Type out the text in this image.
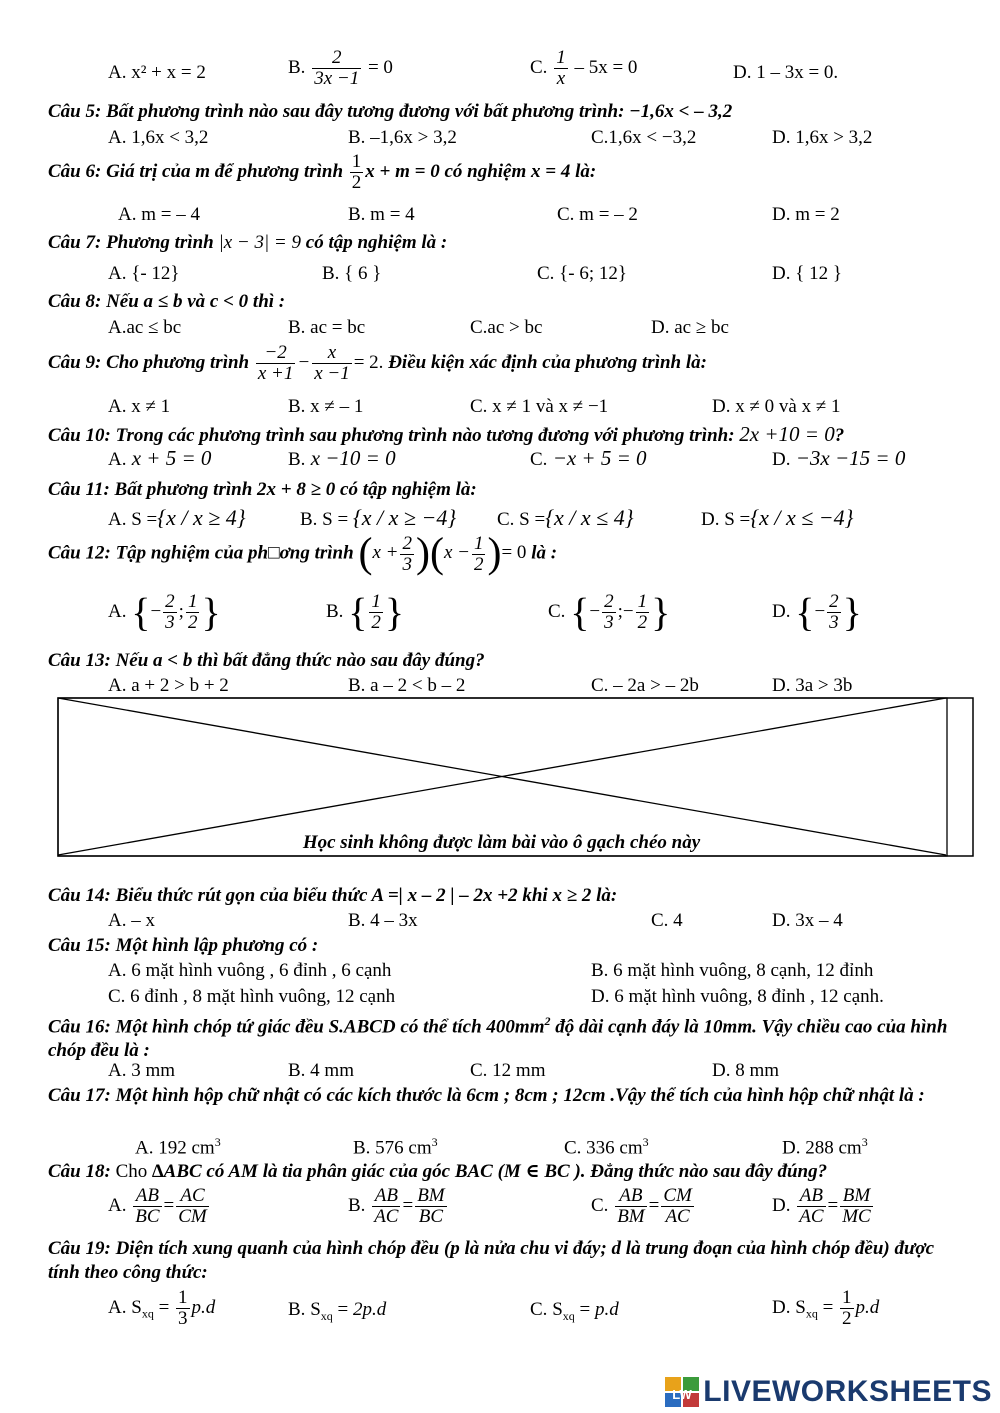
A. x² + x = 2	B. $\frac{2}{3x -1} = 0$	C. $\frac{1}{x} - 5x = 0$	D. 1 – 3x = 0.
Câu 5: Bất phương trình nào sau đây tương đương với bất phương trình: −1,6x < – 3,2
A. 1,6x < 3,2	B. –1,6x > 3,2	C.1,6x < −3,2	D. 1,6x > 3,2
Câu 6: Giá trị của m để phương trình $\frac{1}{2}$ x + m = 0 có nghiệm x = 4 là:
A. m = – 4	B. m = 4	C. m = – 2	D. m = 2
Câu 7: Phương trình |x − 3| = 9 có tập nghiệm là :
A. {- 12}	B. { 6 }	C. {- 6; 12}	D. { 12 }
Câu 8: Nếu a ≤ b và c < 0 thì :
A.ac ≤ bc	B. ac = bc	C.ac > bc	D. ac ≥ bc
Câu 9: Cho phương trình $\frac{-2}{x +1} - \frac{x}{x -1} = 2$. Điều kiện xác định của phương trình là:
A. x ≠ 1	B. x ≠ – 1	C. x ≠ 1 và x ≠ −1	D. x ≠ 0 và x ≠ 1
Câu 10: Trong các phương trình sau phương trình nào tương đương với phương trình: 2x +10 = 0?
A. x + 5 = 0	B. x −10 = 0	C. −x + 5 = 0	D. −3x −15 = 0
Câu 11: Bất phương trình 2x + 8 ≥ 0 có tập nghiệm là:
A. S ={x / x ≥ 4}	B. S = {x / x ≥ −4} C. S ={x / x ≤ 4}	D. S ={x / x ≤ −4}
Câu 12: Tập nghiệm của ph□ơng trình $(x + \frac{2}{3} )(x - \frac{1}{2}$ )= 0 là :
A. {− $\frac{2}{3}$ ; $\frac{1}{2}$ }	B. { $\frac{1}{2}$ }	C. {− $\frac{2}{3}$ ;− $\frac{1}{2}$ }	D. {− $\frac{2}{3}$ }
Câu 13: Nếu a < b thì bất đẳng thức nào sau đây đúng?
A. a + 2 > b + 2	B. a – 2 < b – 2	C. – 2a > – 2b	D. 3a > 3b
Học sinh không được làm bài vào ô gạch chéo này
Câu 14: Biểu thức rút gọn của biểu thức A =| x – 2 | – 2x +2 khi x ≥ 2 là:
A. – x	B. 4 – 3x	C. 4	D. 3x – 4
Câu 15: Một hình lập phương có :
A. 6 mặt hình vuông , 6 đỉnh , 6 cạnh	B. 6 mặt hình vuông, 8 cạnh, 12 đỉnh
C. 6 đỉnh , 8 mặt hình vuông, 12 cạnh	D. 6 mặt hình vuông, 8 đỉnh , 12 cạnh.
Câu 16: Một hình chóp tứ giác đều S.ABCD có thể tích $400mm^2$ độ dài cạnh đáy là 10mm. Vậy chiều cao của hình chóp đều là :
A. 3 mm	B. 4 mm	C. 12 mm	D. 8 mm
Câu 17: Một hình hộp chữ nhật có các kích thước là 6cm ; 8cm ; 12cm .Vậy thể tích của hình hộp chữ nhật là :
A. 192 $cm^3$	B. 576 $cm^3$	C. 336 $cm^3$	D. 288 $cm^3$
Câu 18: Cho ∆ABC có AM là tia phân giác của góc BAC (M ∈ BC ). Đẳng thức nào sau đây đúng?
A. $\frac{AB}{BC} = \frac{AC}{CM}$	B. $\frac{AB}{AC} = \frac{BM}{BC}$	C. $\frac{AB}{BM} = \frac{CM}{AC}$	D. $\frac{AB}{AC} = \frac{BM}{MC}$
Câu 19: Diện tích xung quanh của hình chóp đều (p là nửa chu vi đáy; d là trung đoạn của hình chóp đều) được tính theo công thức:
A. $S_{xq} = \frac{1}{3} p.d$	B. $S_{xq} = 2p.d$	C. $S_{xq} = p.d$	D. $S_{xq} = \frac{1}{2} p.d$
LW LIVEWORKSHEETS
